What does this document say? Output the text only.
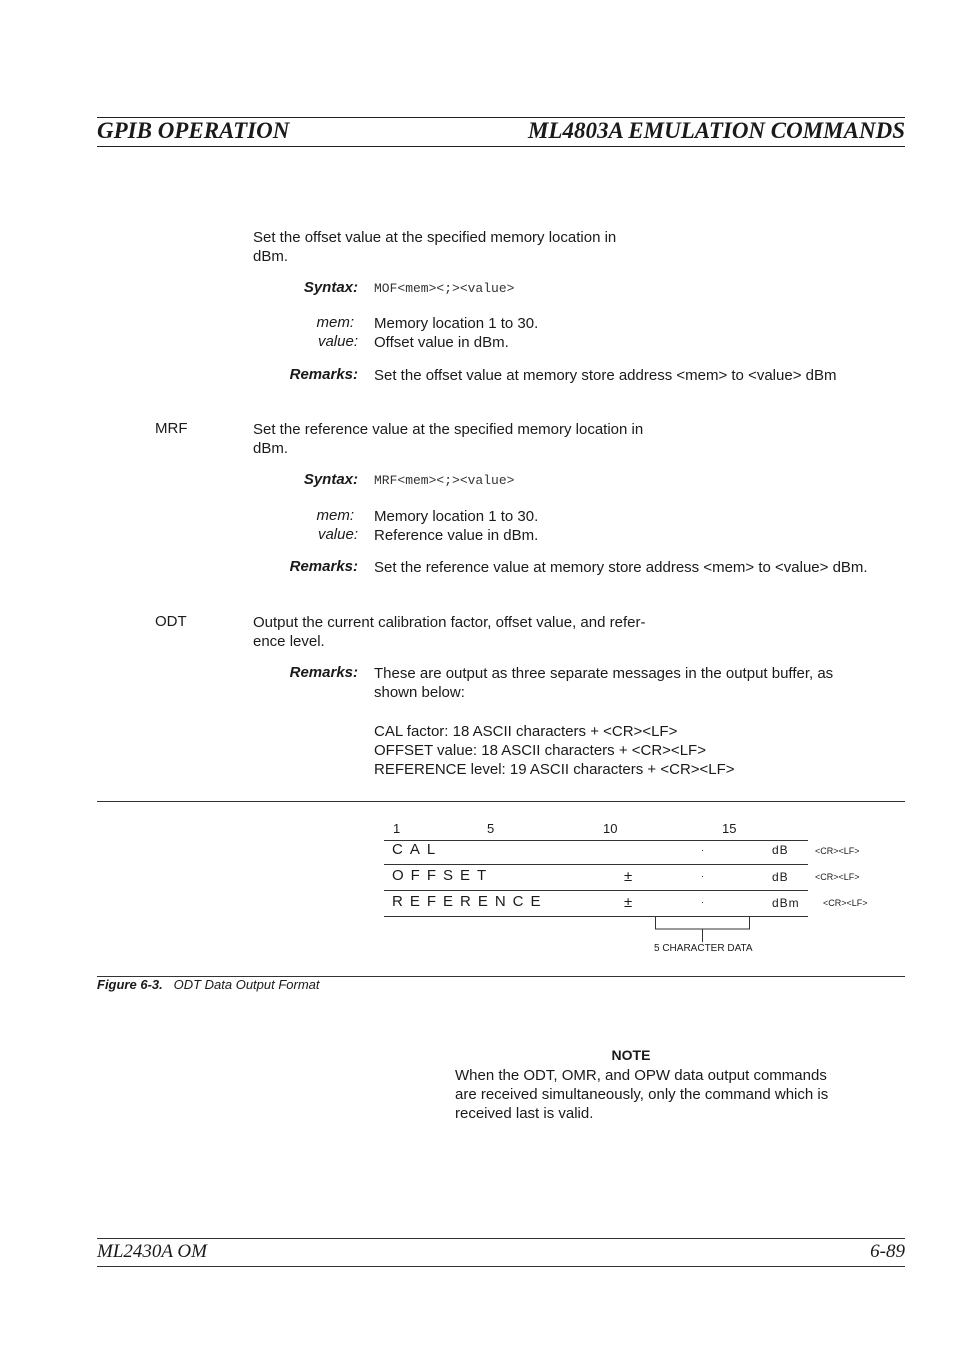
GPIB OPERATION	ML4803A EMULATION COMMANDS
Set the offset value at the specified memory location in
dBm.
Syntax: MOF<mem><;><value>
mem: Memory location 1 to 30.
value: Offset value in dBm.
Remarks: Set the offset value at memory store address <mem> to <value> dBm
MRF	Set the reference value at the specified memory location in
dBm.
Syntax: MRF<mem><;><value>
mem: Memory location 1 to 30.
value: Reference value in dBm.
Remarks: Set the reference value at memory store address <mem> to <value> dBm.
ODT	Output the current calibration factor, offset value, and refer-
ence level.
Remarks: These are output as three separate messages in the output buffer, as
shown below:
CAL factor: 18 ASCII characters + <CR><LF>
OFFSET value: 18 ASCII characters + <CR><LF>
REFERENCE level: 19 ASCII characters + <CR><LF>
1	5	10	15
CAL	·	dB	<CR><LF>
OFFSET	±	·	dB	<CR><LF>
REFERENCE	±	·	dBm	<CR><LF>
5 CHARACTER DATA
Figure 6-3. ODT Data Output Format
NOTE
When the ODT, OMR, and OPW data output commands
are received simultaneously, only the command which is
received last is valid.
ML2430A OM	6-89
